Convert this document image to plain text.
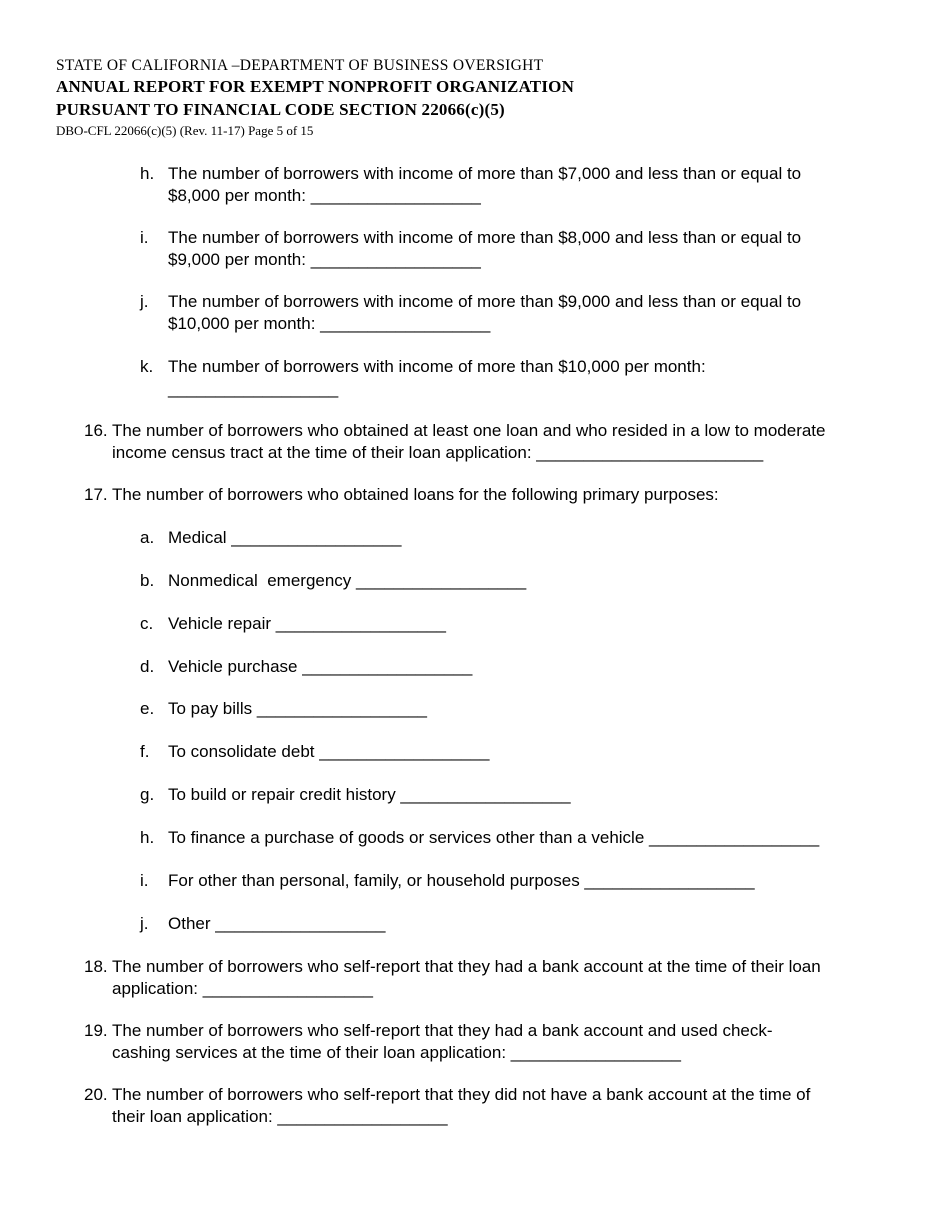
STATE OF CALIFORNIA –DEPARTMENT OF BUSINESS OVERSIGHT
ANNUAL REPORT FOR EXEMPT NONPROFIT ORGANIZATION
PURSUANT TO FINANCIAL CODE SECTION 22066(c)(5)
DBO-CFL 22066(c)(5) (Rev. 11-17) Page 5 of 15
h. The number of borrowers with income of more than $7,000 and less than or equal to
$8,000 per month: __________________
i.	The number of borrowers with income of more than $8,000 and less than or equal to
$9,000 per month: __________________
j.	The number of borrowers with income of more than $9,000 and less than or equal to
$10,000 per month: __________________
k. The number of borrowers with income of more than $10,000 per month:
__________________
16. The number of borrowers who obtained at least one loan and who resided in a low to moderate
income census tract at the time of their loan application: ________________________
17. The number of borrowers who obtained loans for the following primary purposes:
a. Medical __________________
b. Nonmedical  emergency __________________
c. Vehicle repair __________________
d. Vehicle purchase __________________
e. To pay bills __________________
f.	To consolidate debt __________________
g. To build or repair credit history __________________
h. To finance a purchase of goods or services other than a vehicle __________________
i.	For other than personal, family, or household purposes __________________
j.	Other __________________
18. The number of borrowers who self-report that they had a bank account at the time of their loan
application: __________________
19. The number of borrowers who self-report that they had a bank account and used check-
cashing services at the time of their loan application: __________________
20. The number of borrowers who self-report that they did not have a bank account at the time of
their loan application: __________________
